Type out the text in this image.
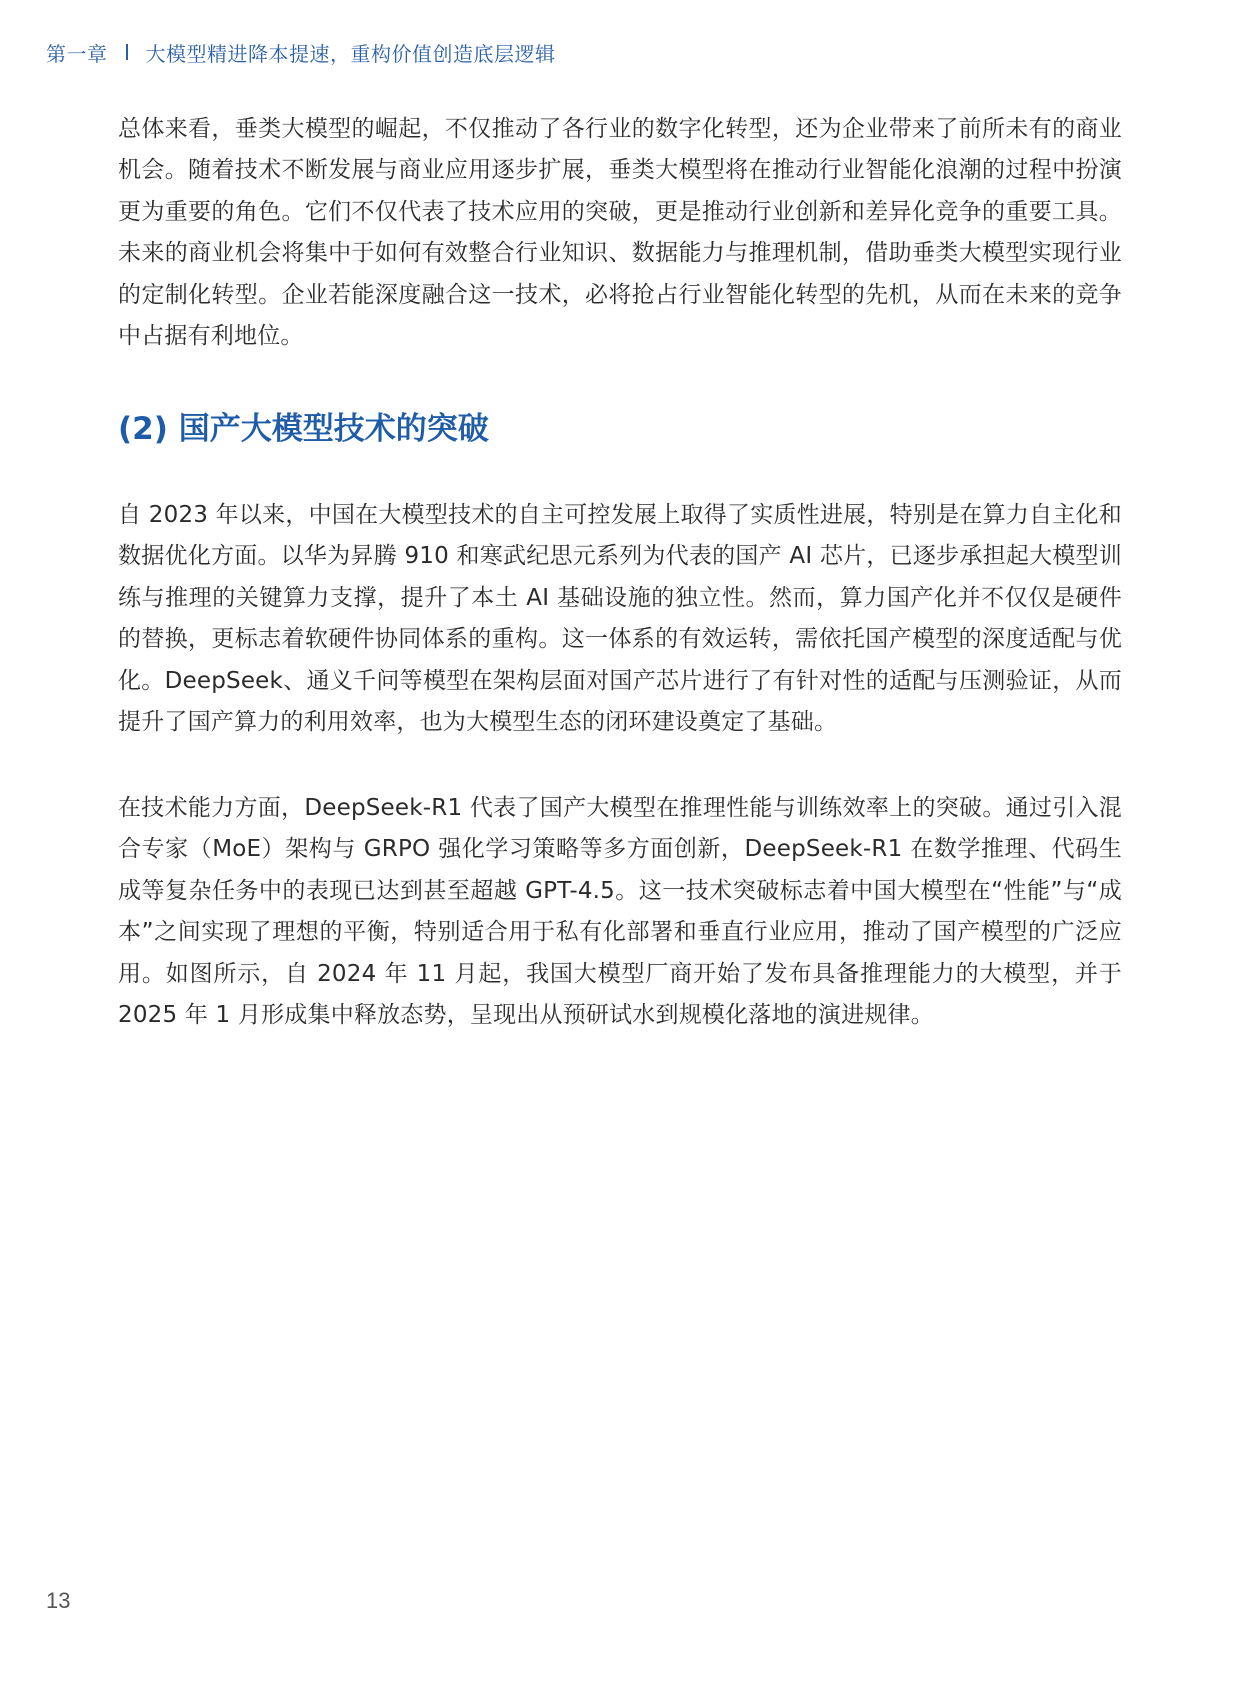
第一章 大模型精进降本提速，重构价值创造底层逻辑

总体来看，垂类大模型的崛起，不仅推动了各行业的数字化转型，还为企业带来了前所未有的商业机会。随着技术不断发展与商业应用逐步扩展，垂类大模型将在推动行业智能化浪潮的过程中扮演更为重要的角色。它们不仅代表了技术应用的突破，更是推动行业创新和差异化竞争的重要工具。未来的商业机会将集中于如何有效整合行业知识、数据能力与推理机制，借助垂类大模型实现行业的定制化转型。企业若能深度融合这一技术，必将抢占行业智能化转型的先机，从而在未来的竞争中占据有利地位。

(2) 国产大模型技术的突破

自 2023 年以来，中国在大模型技术的自主可控发展上取得了实质性进展，特别是在算力自主化和数据优化方面。以华为昇腾 910 和寒武纪思元系列为代表的国产 AI 芯片，已逐步承担起大模型训练与推理的关键算力支撑，提升了本土 AI 基础设施的独立性。然而，算力国产化并不仅仅是硬件的替换，更标志着软硬件协同体系的重构。这一体系的有效运转，需依托国产模型的深度适配与优化。DeepSeek、通义千问等模型在架构层面对国产芯片进行了有针对性的适配与压测验证，从而提升了国产算力的利用效率，也为大模型生态的闭环建设奠定了基础。

在技术能力方面，DeepSeek-R1 代表了国产大模型在推理性能与训练效率上的突破。通过引入混合专家（MoE）架构与 GRPO 强化学习策略等多方面创新，DeepSeek-R1 在数学推理、代码生成等复杂任务中的表现已达到甚至超越 GPT-4.5。这一技术突破标志着中国大模型在“性能”与“成本”之间实现了理想的平衡，特别适合用于私有化部署和垂直行业应用，推动了国产模型的广泛应用。如图所示，自 2024 年 11 月起，我国大模型厂商开始了发布具备推理能力的大模型，并于 2025 年 1 月形成集中释放态势，呈现出从预研试水到规模化落地的演进规律。

13
